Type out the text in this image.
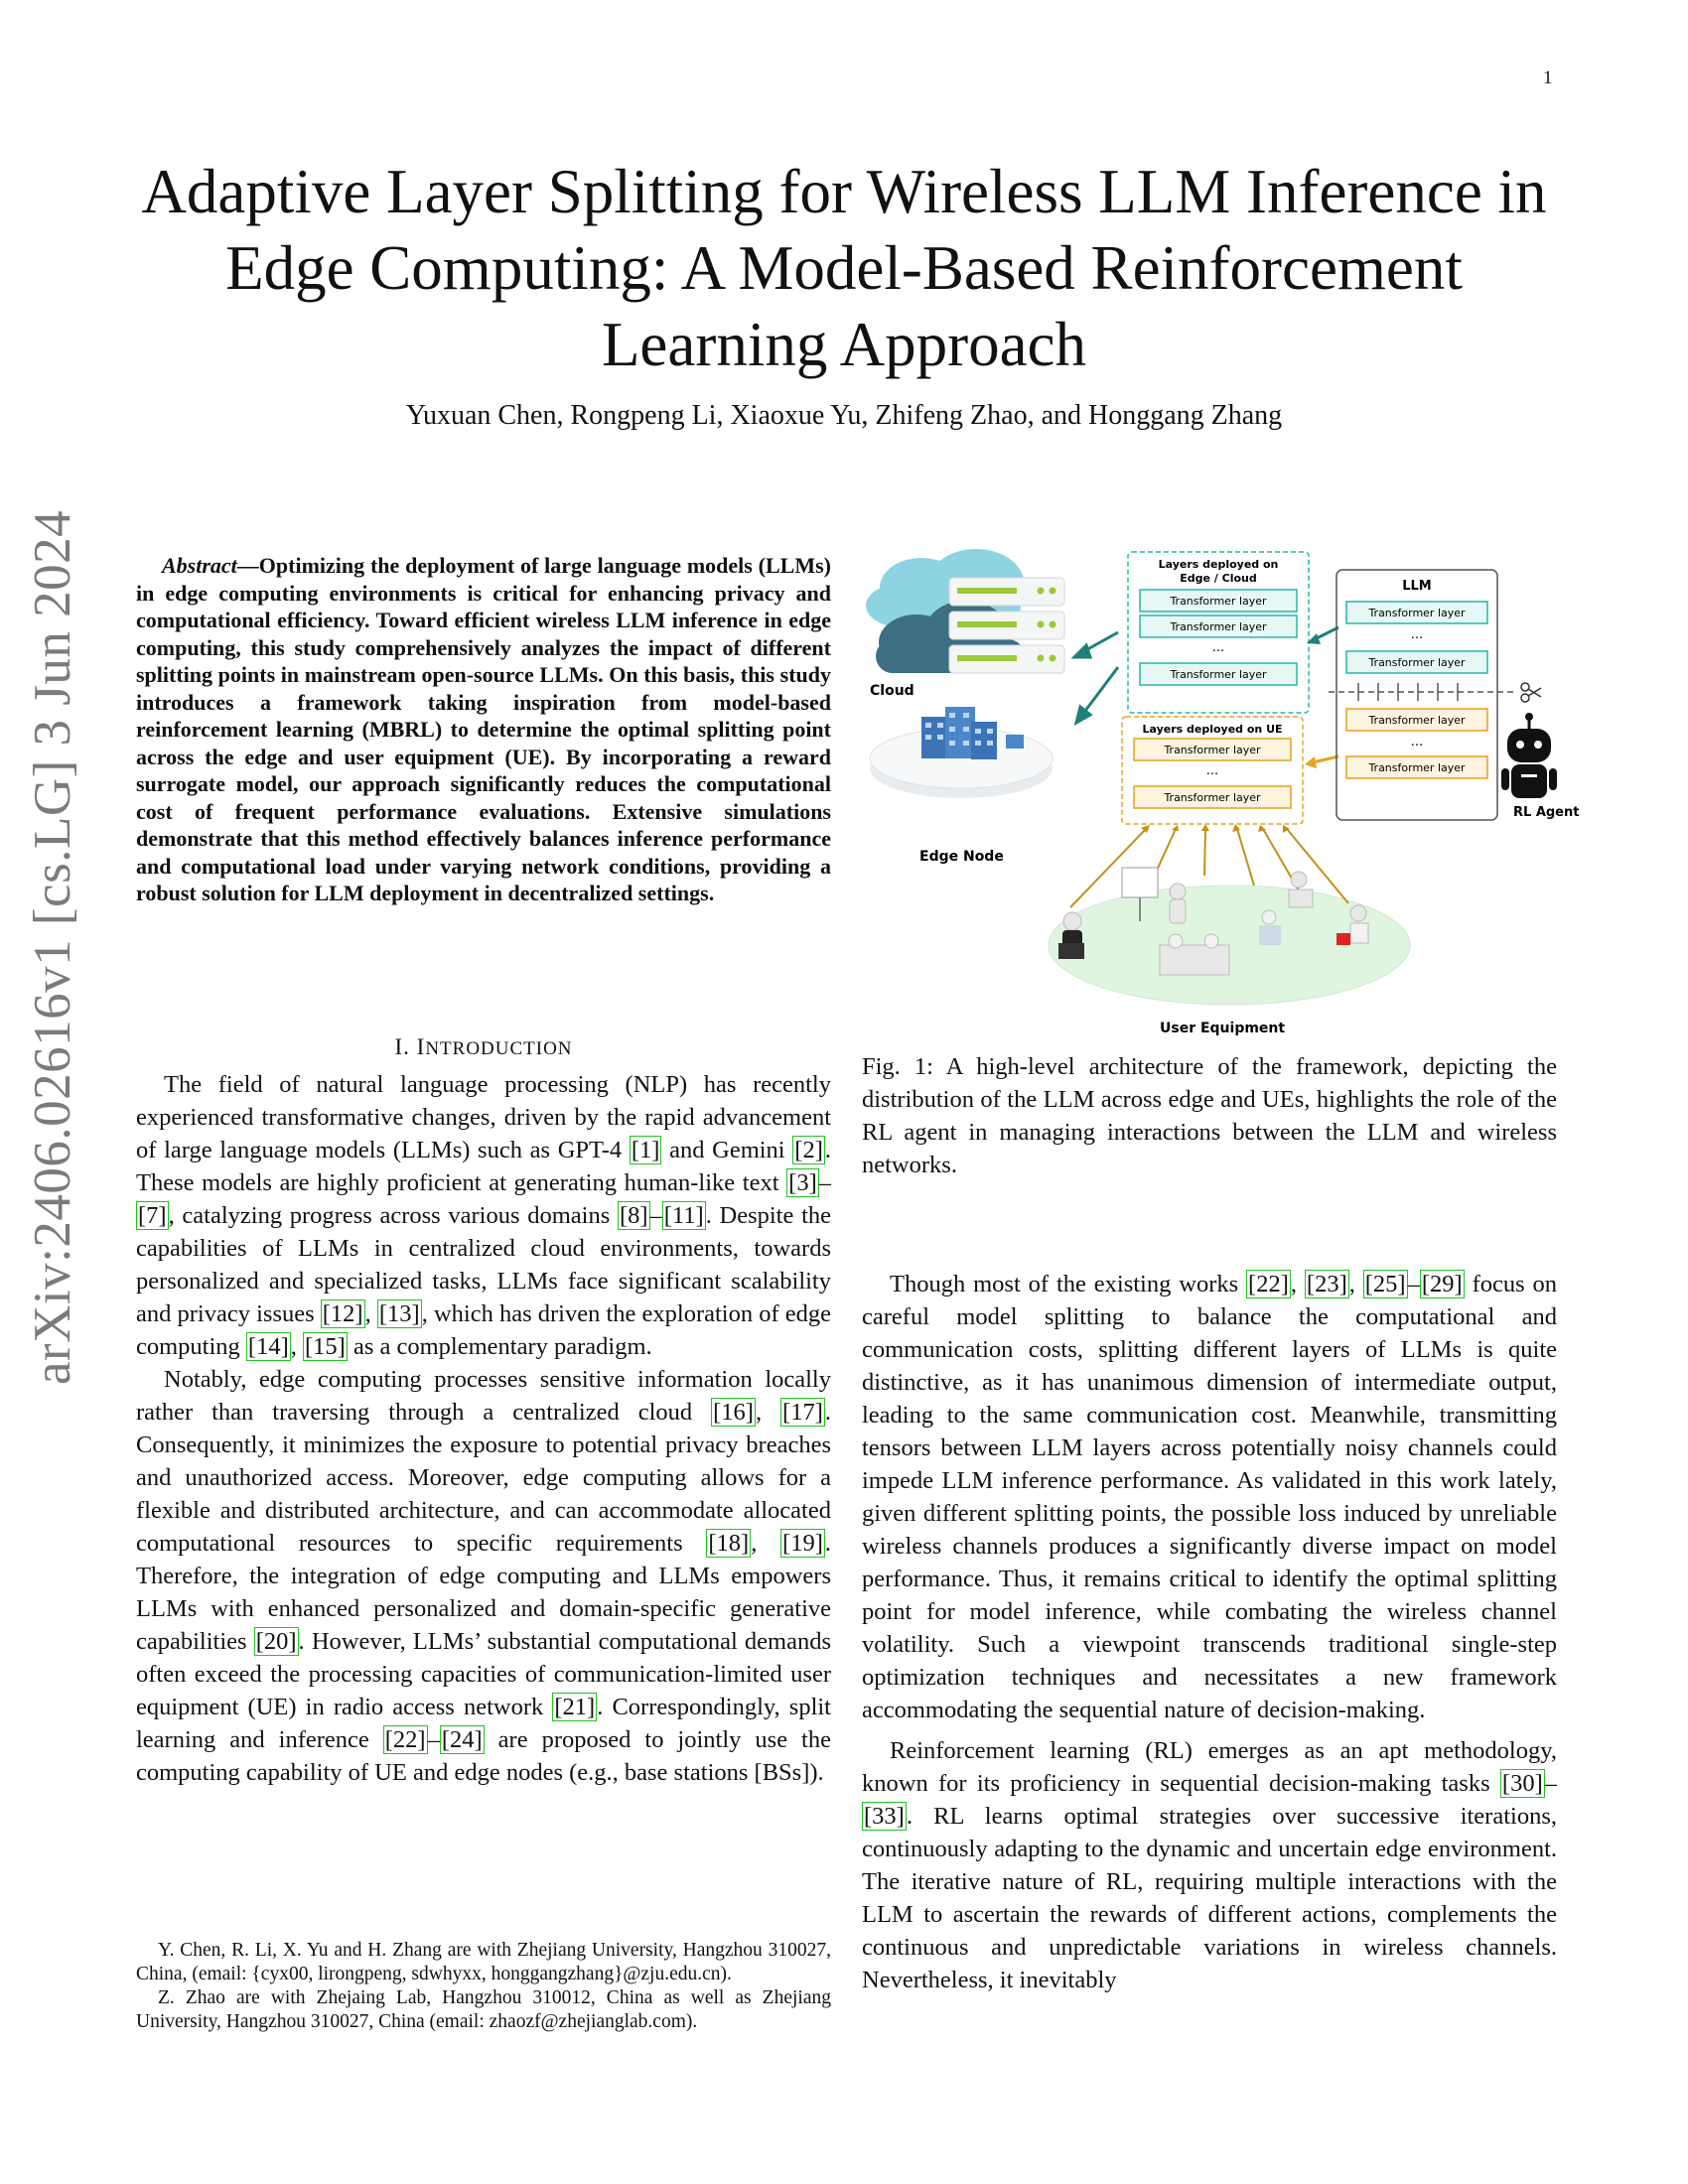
1
arXiv:2406.02616v1 [cs.LG] 3 Jun 2024
Adaptive Layer Splitting for Wireless LLM Inference in Edge Computing: A Model-Based Reinforcement Learning Approach
Yuxuan Chen, Rongpeng Li, Xiaoxue Yu, Zhifeng Zhao, and Honggang Zhang
Abstract—Optimizing the deployment of large language models (LLMs) in edge computing environments is critical for enhancing privacy and computational efficiency. Toward efficient wireless LLM inference in edge computing, this study comprehensively analyzes the impact of different splitting points in mainstream open-source LLMs. On this basis, this study introduces a framework taking inspiration from model-based reinforcement learning (MBRL) to determine the optimal splitting point across the edge and user equipment (UE). By incorporating a reward surrogate model, our approach significantly reduces the computational cost of frequent performance evaluations. Extensive simulations demonstrate that this method effectively balances inference performance and computational load under varying network conditions, providing a robust solution for LLM deployment in decentralized settings.
I. INTRODUCTION

The field of natural language processing (NLP) has recently experienced transformative changes, driven by the rapid advancement of large language models (LLMs) such as GPT-4 [1] and Gemini [2]. These models are highly proficient at generating human-like text [3]–[7], catalyzing progress across various domains [8]–[11]. Despite the capabilities of LLMs in centralized cloud environments, towards personalized and specialized tasks, LLMs face significant scalability and privacy issues [12], [13], which has driven the exploration of edge computing [14], [15] as a complementary paradigm.

Notably, edge computing processes sensitive information locally rather than traversing through a centralized cloud [16], [17]. Consequently, it minimizes the exposure to potential privacy breaches and unauthorized access. Moreover, edge computing allows for a flexible and distributed architecture, and can accommodate allocated computational resources to specific requirements [18], [19]. Therefore, the integration of edge computing and LLMs empowers LLMs with enhanced personalized and domain-specific generative capabilities [20]. However, LLMs’ substantial computational demands often exceed the processing capacities of communication-limited user equipment (UE) in radio access network [21]. Correspondingly, split learning and inference [22]–[24] are proposed to jointly use the computing capability of UE and edge nodes (e.g., base stations [BSs]).

Y. Chen, R. Li, X. Yu and H. Zhang are with Zhejiang University, Hangzhou 310027, China, (email: {cyx00, lirongpeng, sdwhyxx, honggangzhang}@zju.edu.cn).

Z. Zhao are with Zhejaing Lab, Hangzhou 310012, China as well as Zhejiang University, Hangzhou 310027, China (email: zhaozf@zhejianglab.com).

Cloud
Edge Node
Layers deployed on
Edge / Cloud
Transformer layer
Transformer layer
...
Transformer layer
Layers deployed on UE
Transformer layer
...
Transformer layer
LLM
Transformer layer
...
Transformer layer
Transformer layer
...
Transformer layer
RL Agent
User Equipment
Fig. 1: A high-level architecture of the framework, depicting the distribution of the LLM across edge and UEs, highlights the role of the RL agent in managing interactions between the LLM and wireless networks.

Though most of the existing works [22], [23], [25]–[29] focus on careful model splitting to balance the computational and communication costs, splitting different layers of LLMs is quite distinctive, as it has unanimous dimension of intermediate output, leading to the same communication cost. Meanwhile, transmitting tensors between LLM layers across potentially noisy channels could impede LLM inference performance. As validated in this work lately, given different splitting points, the possible loss induced by unreliable wireless channels produces a significantly diverse impact on model performance. Thus, it remains critical to identify the optimal splitting point for model inference, while combating the wireless channel volatility. Such a viewpoint transcends traditional single-step optimization techniques and necessitates a new framework accommodating the sequential nature of decision-making.

Reinforcement learning (RL) emerges as an apt methodology, known for its proficiency in sequential decision-making tasks [30]–[33]. RL learns optimal strategies over successive iterations, continuously adapting to the dynamic and uncertain edge environment. The iterative nature of RL, requiring multiple interactions with the LLM to ascertain the rewards of different actions, complements the continuous and unpredictable variations in wireless channels. Nevertheless, it inevitably
